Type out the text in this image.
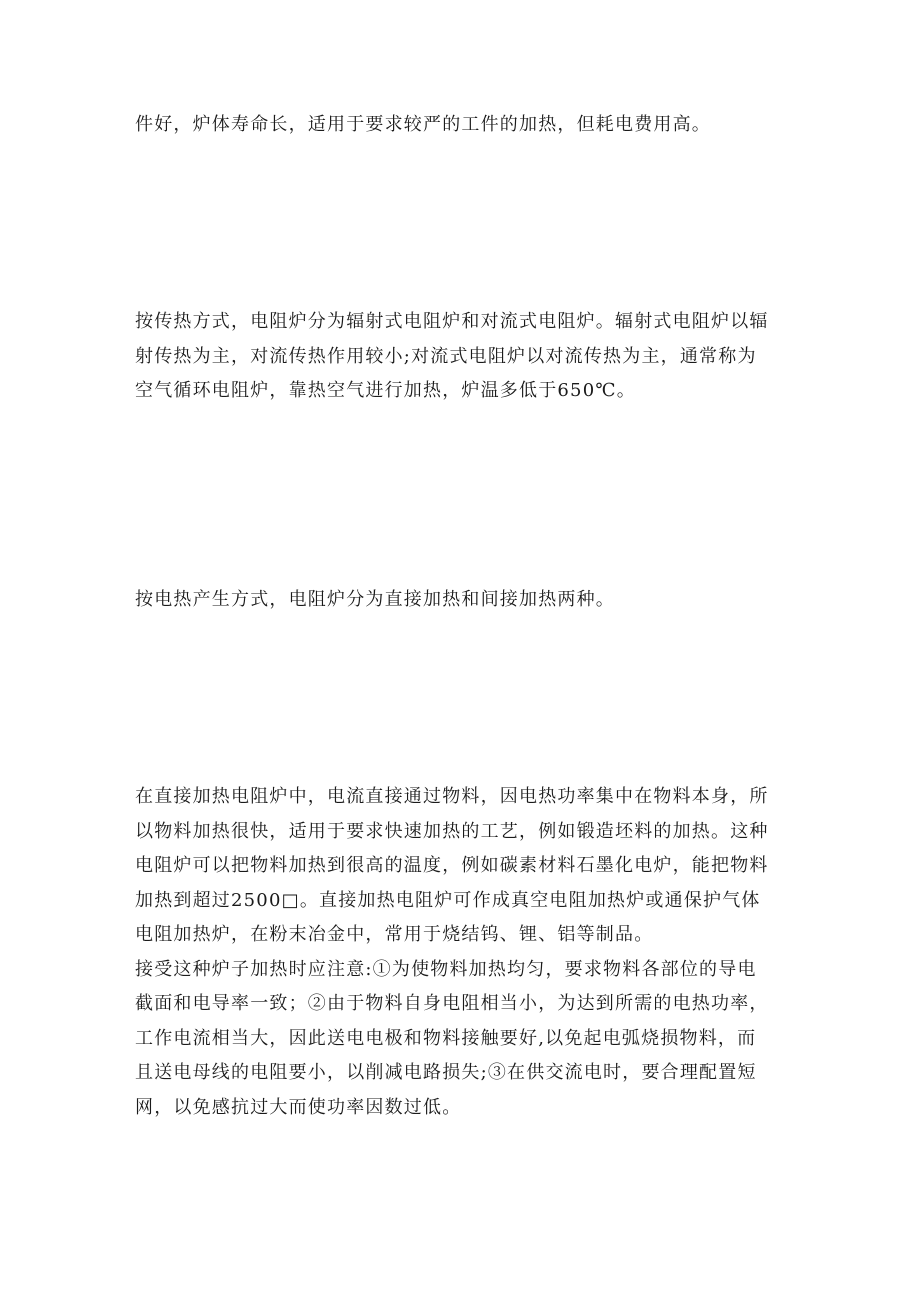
件好，炉体寿命长，适用于要求较严的工件的加热，但耗电费用高。

按传热方式，电阻炉分为辐射式电阻炉和对流式电阻炉。辐射式电阻炉以辐
射传热为主，对流传热作用较小;对流式电阻炉以对流传热为主，通常称为
空气循环电阻炉，靠热空气进行加热，炉温多低于650℃。

按电热产生方式，电阻炉分为直接加热和间接加热两种。

在直接加热电阻炉中，电流直接通过物料，因电热功率集中在物料本身，所
以物料加热很快，适用于要求快速加热的工艺，例如锻造坯料的加热。这种
电阻炉可以把物料加热到很高的温度，例如碳素材料石墨化电炉，能把物料
加热到超过2500□。直接加热电阻炉可作成真空电阻加热炉或通保护气体
电阻加热炉，在粉末冶金中，常用于烧结钨、锂、铝等制品。
接受这种炉子加热时应注意:①为使物料加热均匀，要求物料各部位的导电
截面和电导率一致；②由于物料自身电阻相当小，为达到所需的电热功率，
工作电流相当大，因此送电电极和物料接触要好,以免起电弧烧损物料，而
且送电母线的电阻要小，以削减电路损失;③在供交流电时，要合理配置短
网，以免感抗过大而使功率因数过低。
